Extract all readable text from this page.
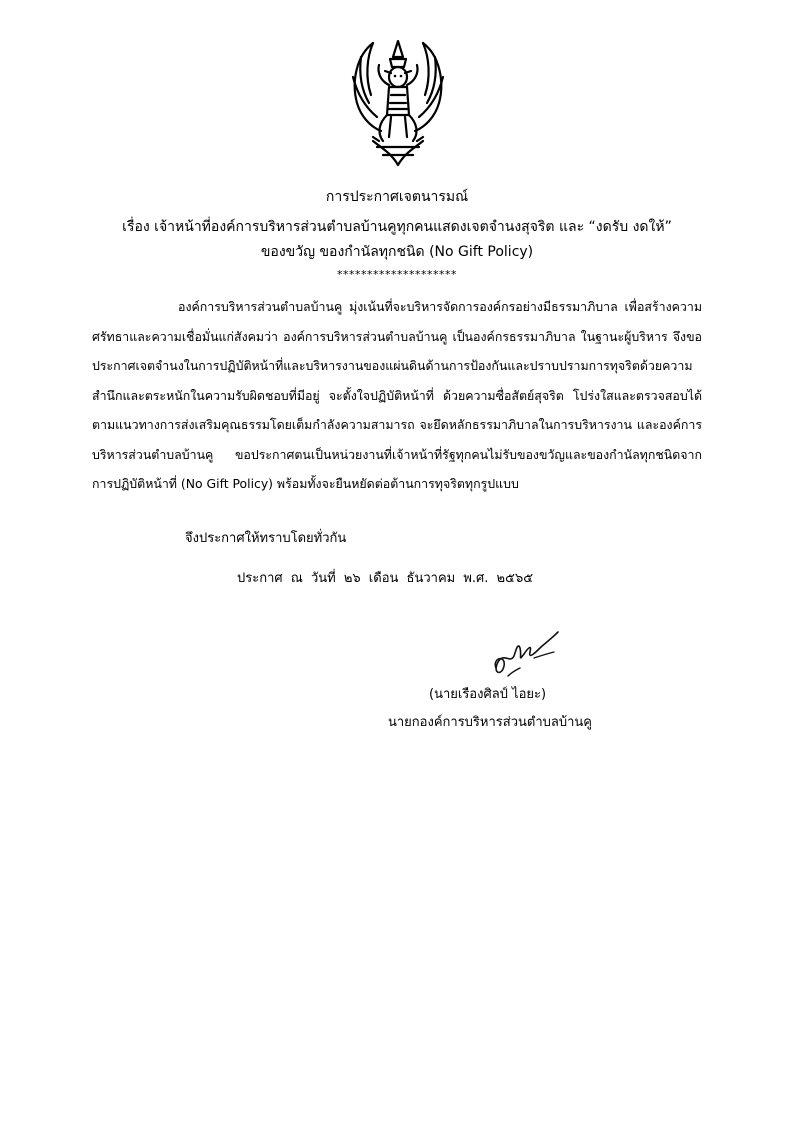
การประกาศเจตนารมณ์
เรื่อง เจ้าหน้าที่องค์การบริหารส่วนตำบลบ้านคูทุกคนแสดงเจตจำนงสุจริต และ “งดรับ งดให้”
ของขวัญ ของกำนัลทุกชนิด (No Gift Policy)
********************
องค์การบริหารส่วนตำบลบ้านคู มุ่งเน้นที่จะบริหารจัดการองค์กรอย่างมีธรรมาภิบาล เพื่อสร้างความศรัทธาและความเชื่อมั่นแก่สังคมว่า องค์การบริหารส่วนตำบลบ้านคู เป็นองค์กรธรรมาภิบาล ในฐานะผู้บริหาร จึงขอประกาศเจตจำนงในการปฏิบัติหน้าที่และบริหารงานของแผ่นดินด้านการป้องกันและปราบปรามการทุจริตด้วยความสำนึกและตระหนักในความรับผิดชอบที่มีอยู่ จะตั้งใจปฏิบัติหน้าที่ ด้วยความซื่อสัตย์สุจริต โปร่งใสและตรวจสอบได้ ตามแนวทางการส่งเสริมคุณธรรมโดยเต็มกำลังความสามารถ จะยึดหลักธรรมาภิบาลในการบริหารงาน และองค์การบริหารส่วนตำบลบ้านคู ขอประกาศตนเป็นหน่วยงานที่เจ้าหน้าที่รัฐทุกคนไม่รับของขวัญและของกำนัลทุกชนิดจากการปฏิบัติหน้าที่ (No Gift Policy) พร้อมทั้งจะยืนหยัดต่อต้านการทุจริตทุกรูปแบบ
จึงประกาศให้ทราบโดยทั่วกัน
ประกาศ ณ วันที่ ๒๖ เดือน ธันวาคม พ.ศ. ๒๕๖๕
(นายเรืองศิลป์ ไอยะ)
นายกองค์การบริหารส่วนตำบลบ้านคู
